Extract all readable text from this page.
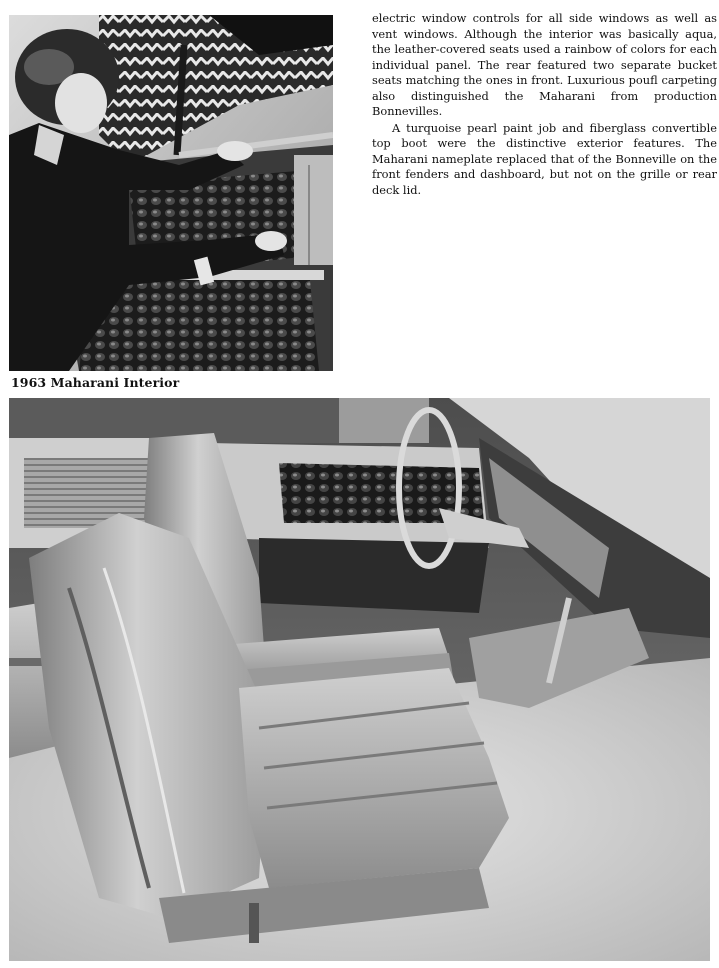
1963 Maharani Interior

electric window controls for all side windows as well as vent windows. Although the interior was basically aqua, the leather-covered seats used a rainbow of colors for each individual panel. The rear featured two separate bucket seats matching the ones in front. Luxurious poufl carpeting also distinguished the Maharani from production Bonnevilles.

A turquoise pearl paint job and fiberglass convertible top boot were the distinctive exterior features. The Maharani nameplate replaced that of the Bonneville on the front fenders and dashboard, but not on the grille or rear deck lid.
